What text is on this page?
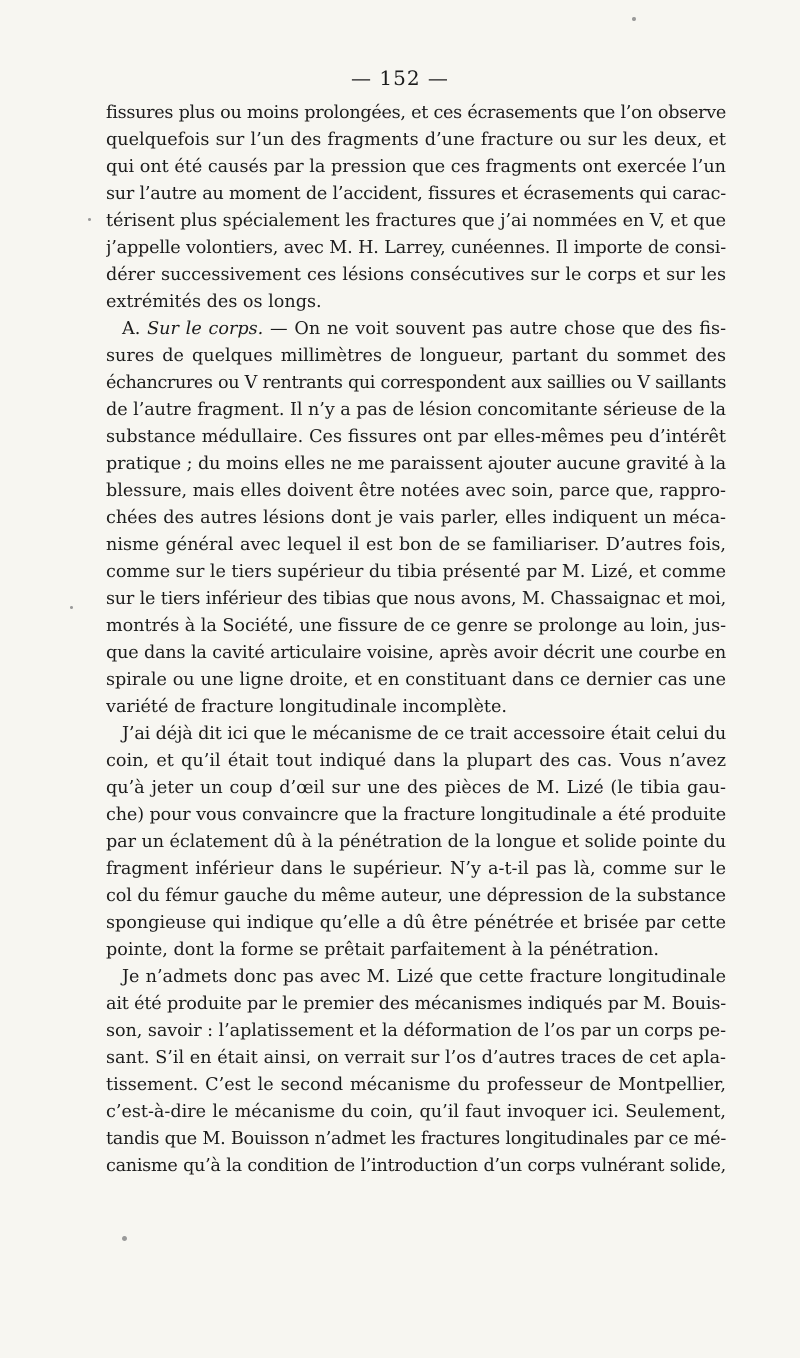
— 152 —

fissures plus ou moins prolongées, et ces écrasements que l’on observe
quelquefois sur l’un des fragments d’une fracture ou sur les deux, et
qui ont été causés par la pression que ces fragments ont exercée l’un
sur l’autre au moment de l’accident, fissures et écrasements qui carac-
térisent plus spécialement les fractures que j’ai nommées en V, et que
j’appelle volontiers, avec M. H. Larrey, cunéennes. Il importe de consi-
dérer successivement ces lésions consécutives sur le corps et sur les
extrémités des os longs.

A. Sur le corps. — On ne voit souvent pas autre chose que des fis-
sures de quelques millimètres de longueur, partant du sommet des
échancrures ou V rentrants qui correspondent aux saillies ou V saillants
de l’autre fragment. Il n’y a pas de lésion concomitante sérieuse de la
substance médullaire. Ces fissures ont par elles-mêmes peu d’intérêt
pratique ; du moins elles ne me paraissent ajouter aucune gravité à la
blessure, mais elles doivent être notées avec soin, parce que, rappro-
chées des autres lésions dont je vais parler, elles indiquent un méca-
nisme général avec lequel il est bon de se familiariser. D’autres fois,
comme sur le tiers supérieur du tibia présenté par M. Lizé, et comme
sur le tiers inférieur des tibias que nous avons, M. Chassaignac et moi,
montrés à la Société, une fissure de ce genre se prolonge au loin, jus-
que dans la cavité articulaire voisine, après avoir décrit une courbe en
spirale ou une ligne droite, et en constituant dans ce dernier cas une
variété de fracture longitudinale incomplète.

J’ai déjà dit ici que le mécanisme de ce trait accessoire était celui du
coin, et qu’il était tout indiqué dans la plupart des cas. Vous n’avez
qu’à jeter un coup d’œil sur une des pièces de M. Lizé (le tibia gau-
che) pour vous convaincre que la fracture longitudinale a été produite
par un éclatement dû à la pénétration de la longue et solide pointe du
fragment inférieur dans le supérieur. N’y a-t-il pas là, comme sur le
col du fémur gauche du même auteur, une dépression de la substance
spongieuse qui indique qu’elle a dû être pénétrée et brisée par cette
pointe, dont la forme se prêtait parfaitement à la pénétration.

Je n’admets donc pas avec M. Lizé que cette fracture longitudinale
ait été produite par le premier des mécanismes indiqués par M. Bouis-
son, savoir : l’aplatissement et la déformation de l’os par un corps pe-
sant. S’il en était ainsi, on verrait sur l’os d’autres traces de cet apla-
tissement. C’est le second mécanisme du professeur de Montpellier,
c’est-à-dire le mécanisme du coin, qu’il faut invoquer ici. Seulement,
tandis que M. Bouisson n’admet les fractures longitudinales par ce mé-
canisme qu’à la condition de l’introduction d’un corps vulnérant solide,
